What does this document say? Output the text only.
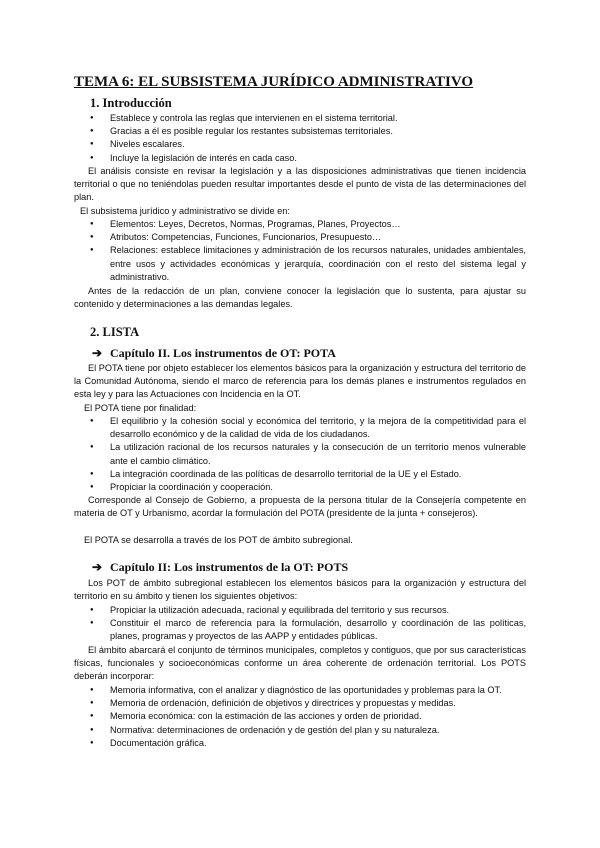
TEMA 6: EL SUBSISTEMA JURÍDICO ADMINISTRATIVO
1. Introducción
● Establece y controla las reglas que intervienen en el sistema territorial.
● Gracias a él es posible regular los restantes subsistemas territoriales.
● Niveles escalares.
● Incluye la legislación de interés en cada caso.
El análisis consiste en revisar la legislación y a las disposiciones administrativas que tienen incidencia territorial o que no teniéndolas pueden resultar importantes desde el punto de vista de las determinaciones del plan.
El subsistema jurídico y administrativo se divide en:
● Elementos: Leyes, Decretos, Normas, Programas, Planes, Proyectos…
● Atributos: Competencias, Funciones, Funcionarios, Presupuesto…
● Relaciones: establece limitaciones y administración de los recursos naturales, unidades ambientales, entre usos y actividades económicas y jerarquía, coordinación con el resto del sistema legal y administrativo.
Antes de la redacción de un plan, conviene conocer la legislación que lo sustenta, para ajustar su contenido y determinaciones a las demandas legales.
2. LISTA
➔ Capítulo II. Los instrumentos de OT: POTA
El POTA tiene por objeto establecer los elementos básicos para la organización y estructura del territorio de la Comunidad Autónoma, siendo el marco de referencia para los demás planes e instrumentos regulados en esta ley y para las Actuaciones con Incidencia en la OT.
El POTA tiene por finalidad:
● El equilibrio y la cohesión social y económica del territorio, y la mejora de la competitividad para el desarrollo económico y de la calidad de vida de los ciudadanos.
● La utilización racional de los recursos naturales y la consecución de un territorio menos vulnerable ante el cambio climático.
● La integración coordinada de las políticas de desarrollo territorial de la UE y el Estado.
● Propiciar la coordinación y cooperación.
Corresponde al Consejo de Gobierno, a propuesta de la persona titular de la Consejería competente en materia de OT y Urbanismo, acordar la formulación del POTA (presidente de la junta + consejeros).
El POTA se desarrolla a través de los POT de ámbito subregional.
➔ Capítulo II: Los instrumentos de la OT: POTS
Los POT de ámbito subregional establecen los elementos básicos para la organización y estructura del territorio en su ámbito y tienen los siguientes objetivos:
● Propiciar la utilización adecuada, racional y equilibrada del territorio y sus recursos.
● Constituir el marco de referencia para la formulación, desarrollo y coordinación de las políticas, planes, programas y proyectos de las AAPP y entidades públicas.
El ámbito abarcará el conjunto de términos municipales, completos y contiguos, que por sus características físicas, funcionales y socioeconómicas conforme un área coherente de ordenación territorial. Los POTS deberán incorporar:
● Memoria informativa, con el analizar y diagnóstico de las oportunidades y problemas para la OT.
● Memoria de ordenación, definición de objetivos y directrices y propuestas y medidas.
● Memoria económica: con la estimación de las acciones y orden de prioridad.
● Normativa: determinaciones de ordenación y de gestión del plan y su naturaleza.
● Documentación gráfica.
